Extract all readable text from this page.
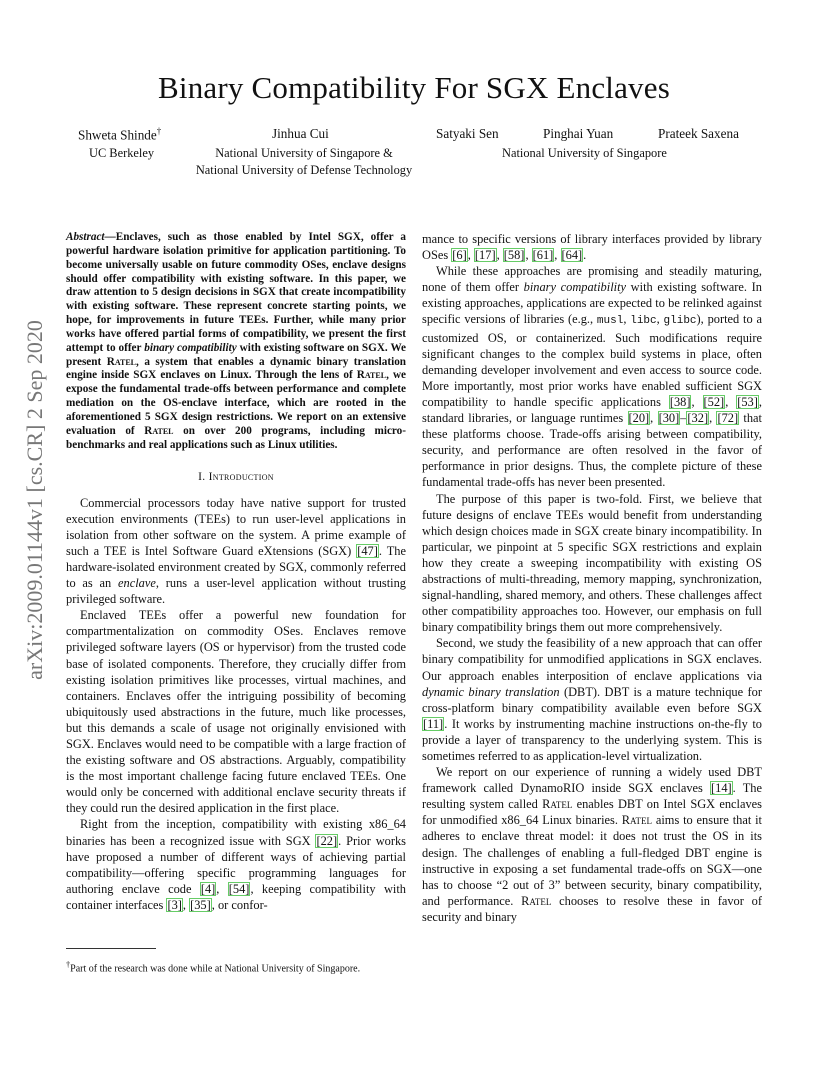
Binary Compatibility For SGX Enclaves
Shweta Shinde†
UC Berkeley
Jinhua Cui
National University of Singapore &
National University of Defense Technology
Satyaki Sen	Pinghai Yuan	Prateek Saxena
National University of Singapore
arXiv:2009.01144v1 [cs.CR] 2 Sep 2020
Abstract—Enclaves, such as those enabled by Intel SGX, offer a powerful hardware isolation primitive for application partitioning. To become universally usable on future commodity OSes, enclave designs should offer compatibility with existing software. In this paper, we draw attention to 5 design decisions in SGX that create incompatibility with existing software. These represent concrete starting points, we hope, for improvements in future TEEs. Further, while many prior works have offered partial forms of compatibility, we present the first attempt to offer binary compatibility with existing software on SGX. We present Ratel, a system that enables a dynamic binary translation engine inside SGX enclaves on Linux. Through the lens of Ratel, we expose the fundamental trade-offs between performance and complete mediation on the OS-enclave interface, which are rooted in the aforementioned 5 SGX design restrictions. We report on an extensive evaluation of Ratel on over 200 programs, including micro-benchmarks and real applications such as Linux utilities.
I. Introduction

Commercial processors today have native support for trusted execution environments (TEEs) to run user-level applications in isolation from other software on the system. A prime example of such a TEE is Intel Software Guard eXtensions (SGX) [47]. The hardware-isolated environment created by SGX, commonly referred to as an enclave, runs a user-level application without trusting privileged software.

Enclaved TEEs offer a powerful new foundation for compartmentalization on commodity OSes. Enclaves remove privileged software layers (OS or hypervisor) from the trusted code base of isolated components. Therefore, they crucially differ from existing isolation primitives like processes, virtual machines, and containers. Enclaves offer the intriguing possibility of becoming ubiquitously used abstractions in the future, much like processes, but this demands a scale of usage not originally envisioned with SGX. Enclaves would need to be compatible with a large fraction of the existing software and OS abstractions. Arguably, compatibility is the most important challenge facing future enclaved TEEs. One would only be concerned with additional enclave security threats if they could run the desired application in the first place.

Right from the inception, compatibility with existing x86_64 binaries has been a recognized issue with SGX [22]. Prior works have proposed a number of different ways of achieving partial compatibility—offering specific programming languages for authoring enclave code [4], [54], keeping compatibility with container interfaces [3], [35], or confor-

†Part of the research was done while at National University of Singapore.

mance to specific versions of library interfaces provided by library OSes [6], [17], [58], [61], [64].

While these approaches are promising and steadily maturing, none of them offer binary compatibility with existing software. In existing approaches, applications are expected to be relinked against specific versions of libraries (e.g., musl, libc, glibc), ported to a customized OS, or containerized. Such modifications require significant changes to the complex build systems in place, often demanding developer involvement and even access to source code. More importantly, most prior works have enabled sufficient SGX compatibility to handle specific applications [38], [52], [53], standard libraries, or language runtimes [20], [30]–[32], [72] that these platforms choose. Trade-offs arising between compatibility, security, and performance are often resolved in the favor of performance in prior designs. Thus, the complete picture of these fundamental trade-offs has never been presented.

The purpose of this paper is two-fold. First, we believe that future designs of enclave TEEs would benefit from understanding which design choices made in SGX create binary incompatibility. In particular, we pinpoint at 5 specific SGX restrictions and explain how they create a sweeping incompatibility with existing OS abstractions of multi-threading, memory mapping, synchronization, signal-handling, shared memory, and others. These challenges affect other compatibility approaches too. However, our emphasis on full binary compatibility brings them out more comprehensively.

Second, we study the feasibility of a new approach that can offer binary compatibility for unmodified applications in SGX enclaves. Our approach enables interposition of enclave applications via dynamic binary translation (DBT). DBT is a mature technique for cross-platform binary compatibility available even before SGX [11]. It works by instrumenting machine instructions on-the-fly to provide a layer of transparency to the underlying system. This is sometimes referred to as application-level virtualization.

We report on our experience of running a widely used DBT framework called DynamoRIO inside SGX enclaves [14]. The resulting system called Ratel enables DBT on Intel SGX enclaves for unmodified x86_64 Linux binaries. Ratel aims to ensure that it adheres to enclave threat model: it does not trust the OS in its design. The challenges of enabling a full-fledged DBT engine is instructive in exposing a set fundamental trade-offs on SGX—one has to choose “2 out of 3” between security, binary compatibility, and performance. Ratel chooses to resolve these in favor of security and binary
